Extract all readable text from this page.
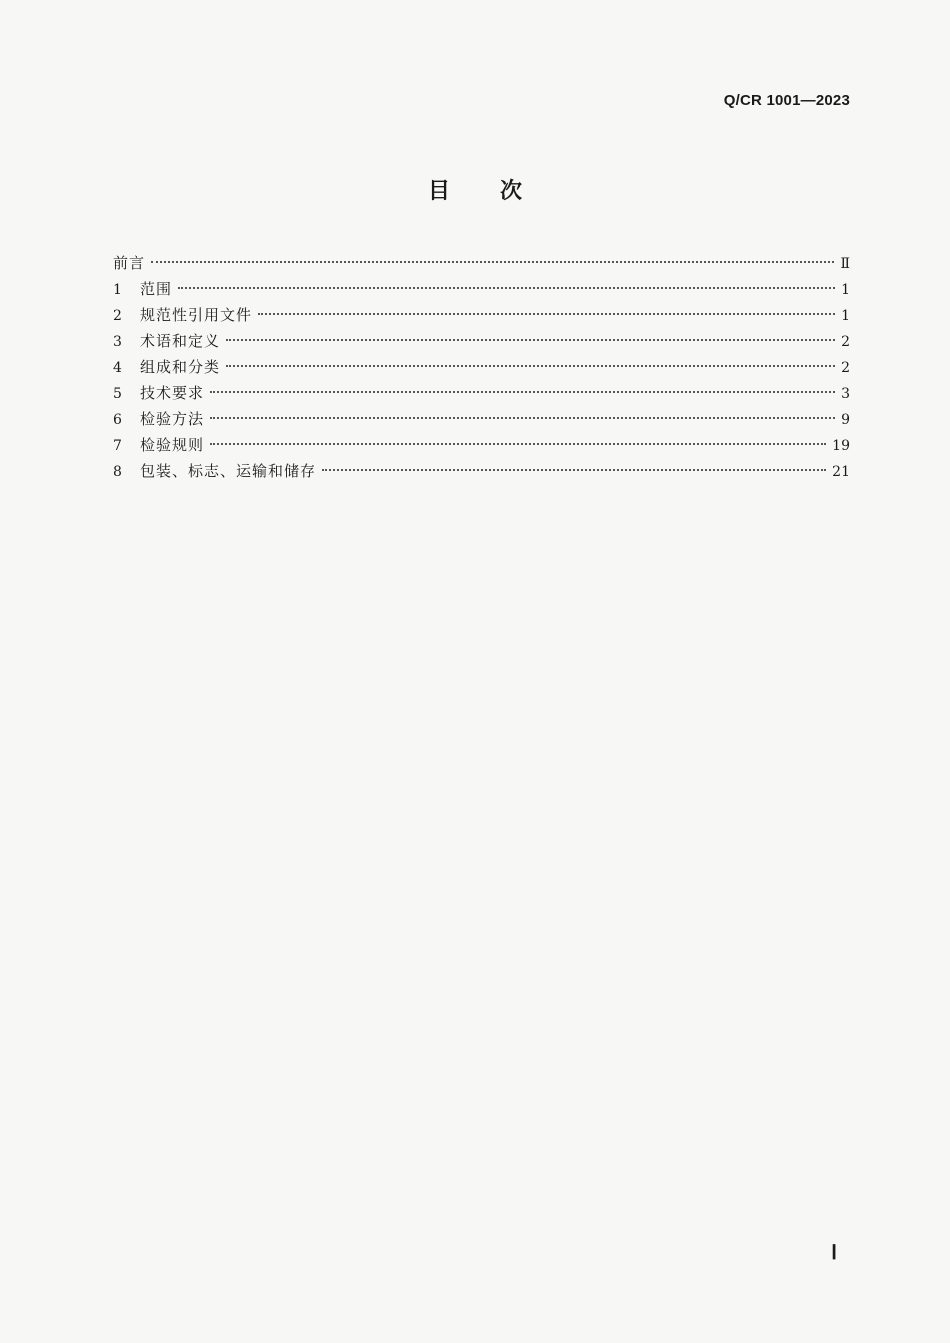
Q/CR 1001—2023
目 次
前言	Ⅱ
1	范围	1
2	规范性引用文件	1
3	术语和定义	2
4	组成和分类	2
5	技术要求	3
6	检验方法	9
7	检验规则	19
8	包装、标志、运输和储存	21
Ⅰ
